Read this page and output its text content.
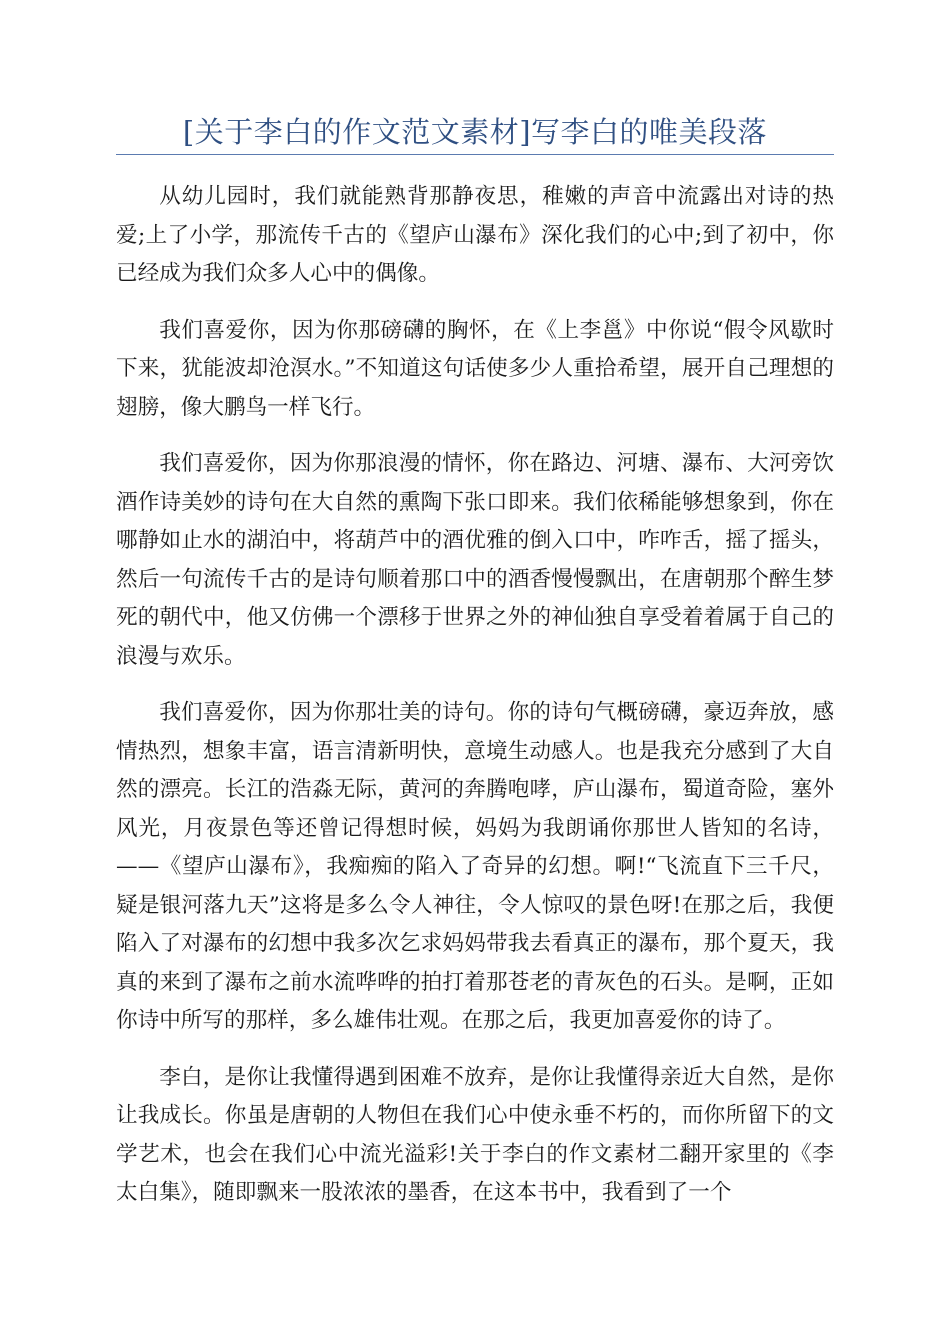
[关于李白的作文范文素材]写李白的唯美段落

从幼儿园时，我们就能熟背那静夜思，稚嫩的声音中流露出对诗的热爱;上了小学，那流传千古的《望庐山瀑布》深化我们的心中;到了初中，你已经成为我们众多人心中的偶像。

我们喜爱你，因为你那磅礴的胸怀，在《上李邕》中你说“假令风歇时下来，犹能波却沧溟水。”不知道这句话使多少人重拾希望，展开自己理想的翅膀，像大鹏鸟一样飞行。

我们喜爱你，因为你那浪漫的情怀，你在路边、河塘、瀑布、大河旁饮酒作诗美妙的诗句在大自然的熏陶下张口即来。我们依稀能够想象到，你在哪静如止水的湖泊中，将葫芦中的酒优雅的倒入口中，咋咋舌，摇了摇头，然后一句流传千古的是诗句顺着那口中的酒香慢慢飘出，在唐朝那个醉生梦死的朝代中，他又仿佛一个漂移于世界之外的神仙独自享受着着属于自己的浪漫与欢乐。

我们喜爱你，因为你那壮美的诗句。你的诗句气概磅礴，豪迈奔放，感情热烈，想象丰富，语言清新明快，意境生动感人。也是我充分感到了大自然的漂亮。长江的浩淼无际，黄河的奔腾咆哮，庐山瀑布，蜀道奇险，塞外风光，月夜景色等还曾记得想时候，妈妈为我朗诵你那世人皆知的名诗，——《望庐山瀑布》，我痴痴的陷入了奇异的幻想。啊!“飞流直下三千尺，疑是银河落九天”这将是多么令人神往，令人惊叹的景色呀!在那之后，我便陷入了对瀑布的幻想中我多次乞求妈妈带我去看真正的瀑布，那个夏天，我真的来到了瀑布之前水流哗哗的拍打着那苍老的青灰色的石头。是啊，正如你诗中所写的那样，多么雄伟壮观。在那之后，我更加喜爱你的诗了。

李白，是你让我懂得遇到困难不放弃，是你让我懂得亲近大自然，是你让我成长。你虽是唐朝的人物但在我们心中使永垂不朽的，而你所留下的文学艺术，也会在我们心中流光溢彩!关于李白的作文素材二翻开家里的《李太白集》，随即飘来一股浓浓的墨香，在这本书中，我看到了一个
